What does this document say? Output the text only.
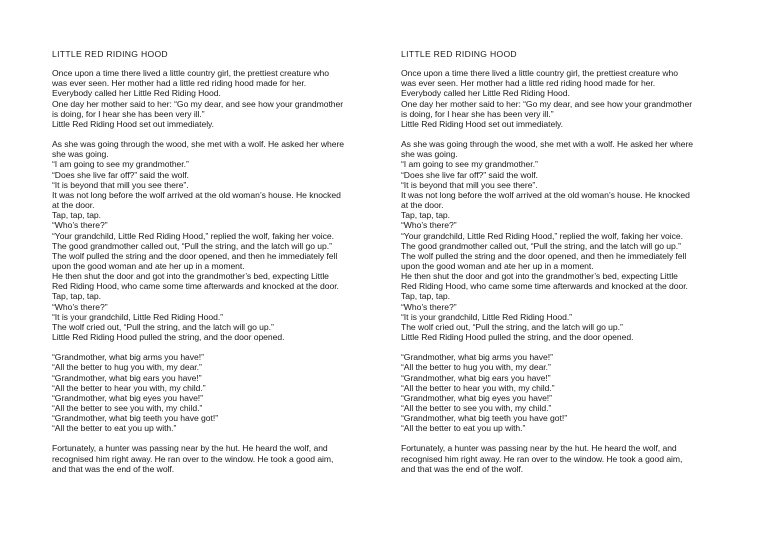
LITTLE RED RIDING HOOD
Once upon a time there lived a little country girl, the prettiest creature who
was ever seen. Her mother had a little red riding hood made for her.
Everybody called her Little Red Riding Hood.
One day her mother said to her: “Go my dear, and see how your grandmother
is doing, for I hear she has been very ill.”
Little Red Riding Hood set out immediately.
As she was going through the wood, she met with a wolf. He asked her where
she was going.
“I am going to see my grandmother.”
“Does she live far off?” said the wolf.
“It is beyond that mill you see there”.
It was not long before the wolf arrived at the old woman’s house. He knocked
at the door.
Tap, tap, tap.
“Who’s there?”
“Your grandchild, Little Red Riding Hood,” replied the wolf, faking her voice.
The good grandmother called out, “Pull the string, and the latch will go up.”
The wolf pulled the string and the door opened, and then he immediately fell
upon the good woman and ate her up in a moment.
He then shut the door and got into the grandmother’s bed, expecting Little
Red Riding Hood, who came some time afterwards and knocked at the door.
Tap, tap, tap.
“Who’s there?”
“It is your grandchild, Little Red Riding Hood.”
The wolf cried out, “Pull the string, and the latch will go up.”
Little Red Riding Hood pulled the string, and the door opened.
“Grandmother, what big arms you have!”
“All the better to hug you with, my dear.”
“Grandmother, what big ears you have!”
“All the better to hear you with, my child.”
“Grandmother, what big eyes you have!”
“All the better to see you with, my child.”
“Grandmother, what big teeth you have got!”
“All the better to eat you up with.”
Fortunately, a hunter was passing near by the hut. He heard the wolf, and
recognised him right away. He ran over to the window. He took a good aim,
and that was the end of the wolf.
LITTLE RED RIDING HOOD
Once upon a time there lived a little country girl, the prettiest creature who
was ever seen. Her mother had a little red riding hood made for her.
Everybody called her Little Red Riding Hood.
One day her mother said to her: “Go my dear, and see how your grandmother
is doing, for I hear she has been very ill.”
Little Red Riding Hood set out immediately.
As she was going through the wood, she met with a wolf. He asked her where
she was going.
“I am going to see my grandmother.”
“Does she live far off?” said the wolf.
“It is beyond that mill you see there”.
It was not long before the wolf arrived at the old woman’s house. He knocked
at the door.
Tap, tap, tap.
“Who’s there?”
“Your grandchild, Little Red Riding Hood,” replied the wolf, faking her voice.
The good grandmother called out, “Pull the string, and the latch will go up.”
The wolf pulled the string and the door opened, and then he immediately fell
upon the good woman and ate her up in a moment.
He then shut the door and got into the grandmother’s bed, expecting Little
Red Riding Hood, who came some time afterwards and knocked at the door.
Tap, tap, tap.
“Who’s there?”
“It is your grandchild, Little Red Riding Hood.”
The wolf cried out, “Pull the string, and the latch will go up.”
Little Red Riding Hood pulled the string, and the door opened.
“Grandmother, what big arms you have!”
“All the better to hug you with, my dear.”
“Grandmother, what big ears you have!”
“All the better to hear you with, my child.”
“Grandmother, what big eyes you have!”
“All the better to see you with, my child.”
“Grandmother, what big teeth you have got!”
“All the better to eat you up with.”
Fortunately, a hunter was passing near by the hut. He heard the wolf, and
recognised him right away. He ran over to the window. He took a good aim,
and that was the end of the wolf.
